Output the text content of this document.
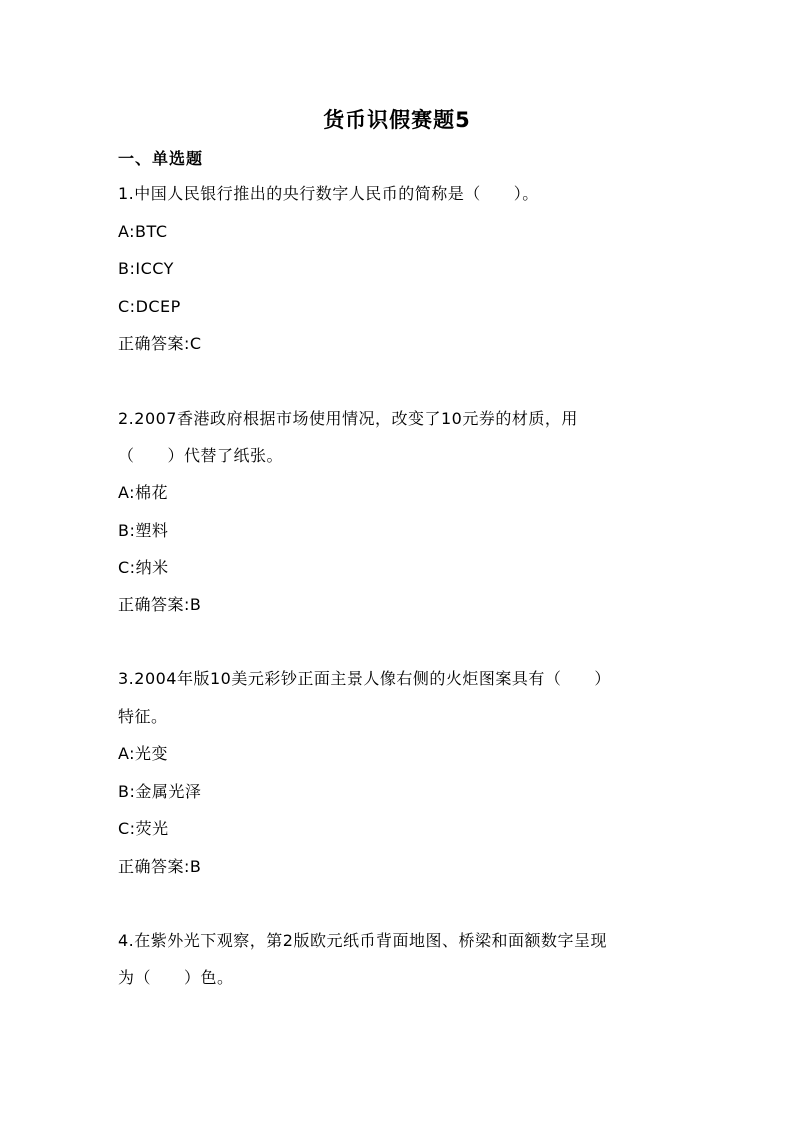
货币识假赛题5
一、单选题
1.中国人民银行推出的央行数字人民币的简称是（　　）。
A:BTC
B:ICCY
C:DCEP
正确答案:C
2.2007香港政府根据市场使用情况，改变了10元券的材质，用
（　　）代替了纸张。
A:棉花
B:塑料
C:纳米
正确答案:B
3.2004年版10美元彩钞正面主景人像右侧的火炬图案具有（　　）
特征。
A:光变
B:金属光泽
C:荧光
正确答案:B
4.在紫外光下观察，第2版欧元纸币背面地图、桥梁和面额数字呈现
为（　　）色。
